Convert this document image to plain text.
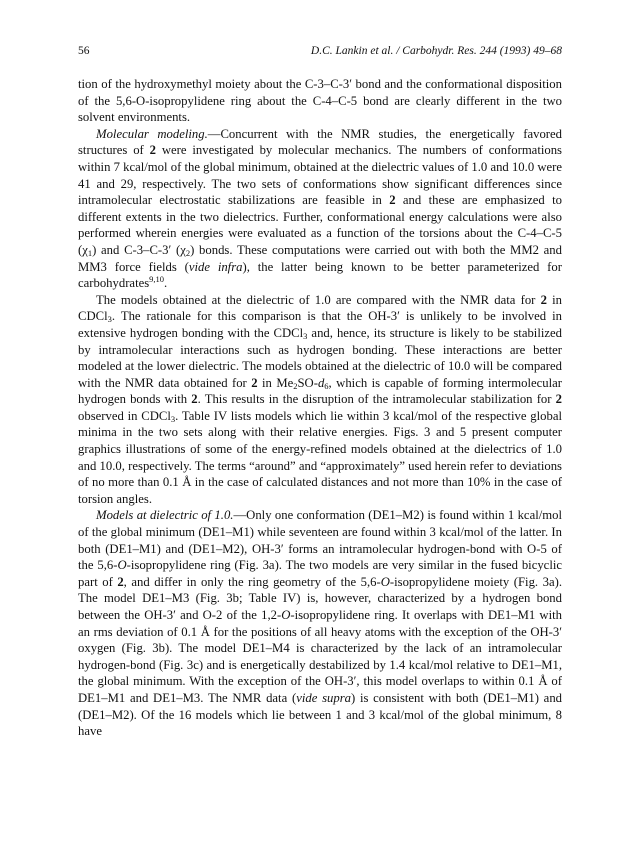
56	D.C. Lankin et al. / Carbohydr. Res. 244 (1993) 49–68

tion of the hydroxymethyl moiety about the C-3–C-3′ bond and the conformational disposition of the 5,6-O-isopropylidene ring about the C-4–C-5 bond are clearly different in the two solvent environments.

Molecular modeling.—Concurrent with the NMR studies, the energetically favored structures of 2 were investigated by molecular mechanics. The numbers of conformations within 7 kcal/mol of the global minimum, obtained at the dielectric values of 1.0 and 10.0 were 41 and 29, respectively. The two sets of conformations show significant differences since intramolecular electrostatic stabilizations are feasible in 2 and these are emphasized to different extents in the two dielectrics. Further, conformational energy calculations were also performed wherein energies were evaluated as a function of the torsions about the C-4–C-5 $(\chi_1)$ and C-3–C-3′ $(\chi_2)$ bonds. These computations were carried out with both the MM2 and MM3 force fields (vide infra), the latter being known to be better parameterized for carbohydrates$^{9,10}$.

The models obtained at the dielectric of 1.0 are compared with the NMR data for 2 in CDCl$_3$. The rationale for this comparison is that the OH-3′ is unlikely to be involved in extensive hydrogen bonding with the CDCl$_3$ and, hence, its structure is likely to be stabilized by intramolecular interactions such as hydrogen bonding. These interactions are better modeled at the lower dielectric. The models obtained at the dielectric of 10.0 will be compared with the NMR data obtained for 2 in $Me_2SO-d_6$, which is capable of forming intermolecular hydrogen bonds with 2. This results in the disruption of the intramolecular stabilization for 2 observed in CDCl$_3$. Table IV lists models which lie within 3 kcal/mol of the respective global minima in the two sets along with their relative energies. Figs. 3 and 5 present computer graphics illustrations of some of the energy-refined models obtained at the dielectrics of 1.0 and 10.0, respectively. The terms “around” and “approximately” used herein refer to deviations of no more than 0.1 Å in the case of calculated distances and not more than 10% in the case of torsion angles.

Models at dielectric of 1.0.—Only one conformation (DE1–M2) is found within 1 kcal/mol of the global minimum (DE1–M1) while seventeen are found within 3 kcal/mol of the latter. In both (DE1–M1) and (DE1–M2), OH-3′ forms an intramolecular hydrogen-bond with O-5 of the 5,6-O-isopropylidene ring (Fig. 3a). The two models are very similar in the fused bicyclic part of 2, and differ in only the ring geometry of the 5,6-O-isopropylidene moiety (Fig. 3a). The model DE1–M3 (Fig. 3b; Table IV) is, however, characterized by a hydrogen bond between the OH-3′ and O-2 of the 1,2-O-isopropylidene ring. It overlaps with DE1–M1 with an rms deviation of 0.1 Å for the positions of all heavy atoms with the exception of the OH-3′ oxygen (Fig. 3b). The model DE1–M4 is characterized by the lack of an intramolecular hydrogen-bond (Fig. 3c) and is energetically destabilized by 1.4 kcal/mol relative to DE1–M1, the global minimum. With the exception of the OH-3′, this model overlaps to within 0.1 Å of DE1–M1 and DE1–M3. The NMR data (vide supra) is consistent with both (DE1–M1) and (DE1–M2). Of the 16 models which lie between 1 and 3 kcal/mol of the global minimum, 8 have
